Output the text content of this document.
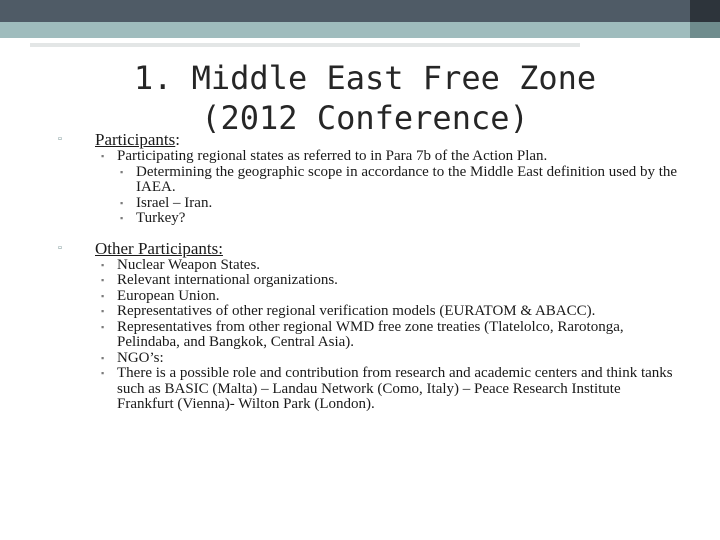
1. Middle East Free Zone (2012 Conference)
▫	Participants:
▪ Participating regional states as referred to in Para 7b of the Action Plan.
▪ Determining the geographic scope in accordance to the Middle East definition used by the IAEA.
▪ Israel – Iran.
▪ Turkey?
▫	Other Participants:
▪ Nuclear Weapon States.
▪ Relevant international organizations.
▪ European Union.
▪ Representatives of other regional verification models (EURATOM & ABACC).
▪ Representatives from other regional WMD free zone treaties (Tlatelolco, Rarotonga, Pelindaba, and Bangkok, Central Asia).
▪ NGO’s:
▪ There is a possible role and contribution from research and academic centers and think tanks such as BASIC (Malta) – Landau Network (Como, Italy) – Peace Research Institute Frankfurt (Vienna)- Wilton Park (London).
